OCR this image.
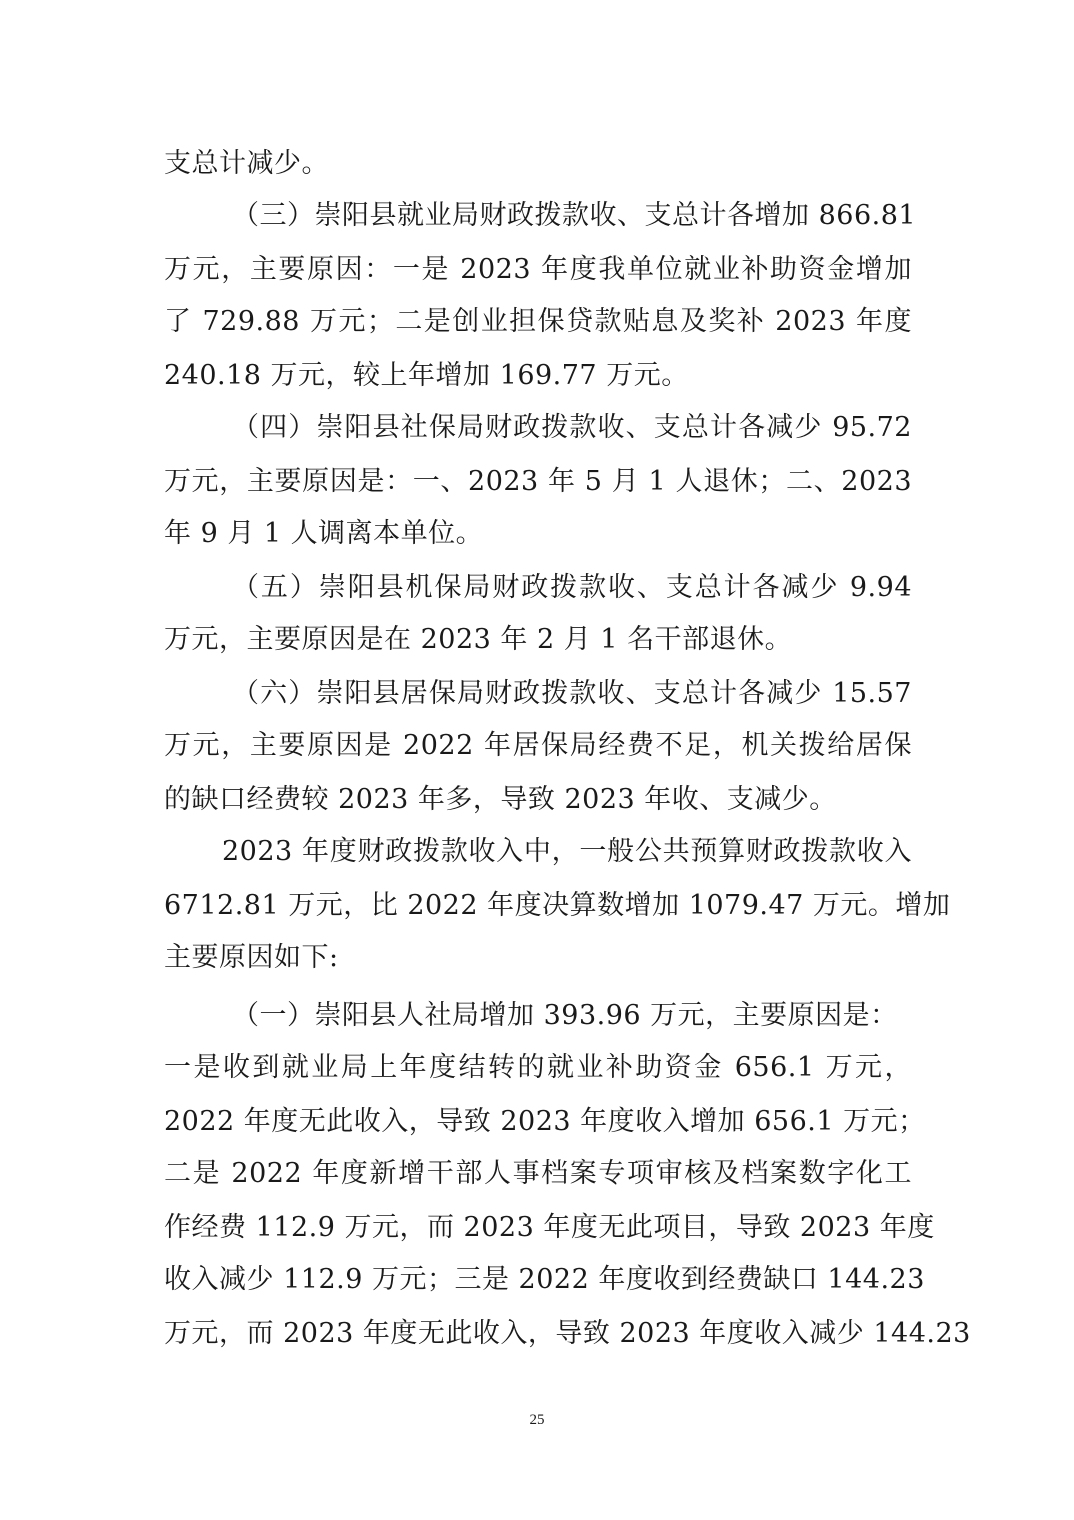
支总计减少。
（三）崇阳县就业局财政拨款收、支总计各增加 866.81
万元，主要原因：一是 2023 年度我单位就业补助资金增加
了 729.88 万元；二是创业担保贷款贴息及奖补 2023 年度
240.18 万元，较上年增加 169.77 万元。
（四）崇阳县社保局财政拨款收、支总计各减少 95.72
万元，主要原因是：一、2023 年 5 月 1 人退休；二、2023
年 9 月 1 人调离本单位。
（五）崇阳县机保局财政拨款收、支总计各减少 9.94
万元，主要原因是在 2023 年 2 月 1 名干部退休。
（六）崇阳县居保局财政拨款收、支总计各减少 15.57
万元，主要原因是 2022 年居保局经费不足，机关拨给居保
的缺口经费较 2023 年多，导致 2023 年收、支减少。
2023 年度财政拨款收入中，一般公共预算财政拨款收入
6712.81 万元，比 2022 年度决算数增加 1079.47 万元。增加
主要原因如下:
（一）崇阳县人社局增加 393.96 万元，主要原因是：
一是收到就业局上年度结转的就业补助资金 656.1 万元，
2022 年度无此收入，导致 2023 年度收入增加 656.1 万元；
二是 2022 年度新增干部人事档案专项审核及档案数字化工
作经费 112.9 万元，而 2023 年度无此项目，导致 2023 年度
收入减少 112.9 万元；三是 2022 年度收到经费缺口 144.23
万元，而 2023 年度无此收入，导致 2023 年度收入减少 144.23
25
